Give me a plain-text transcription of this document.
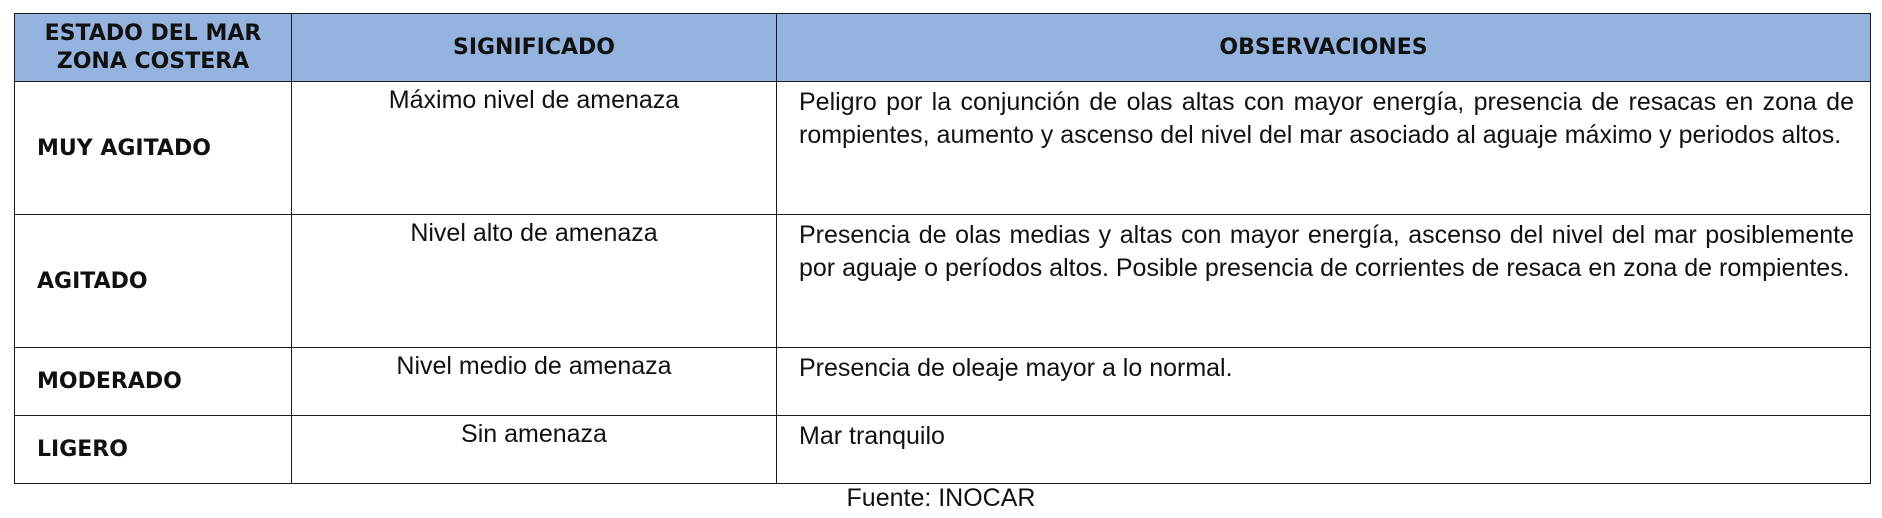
ESTADO DEL MAR ZONA COSTERA	SIGNIFICADO	OBSERVACIONES
MUY AGITADO	Máximo nivel de amenaza	Peligro por la conjunción de olas altas con mayor energía, presencia de resacas en zona de rompientes, aumento y ascenso del nivel del mar asociado al aguaje máximo y periodos altos.
AGITADO	Nivel alto de amenaza	Presencia de olas medias y altas con mayor energía, ascenso del nivel del mar posiblemente por aguaje o períodos altos. Posible presencia de corrientes de resaca en zona de rompientes.
MODERADO	Nivel medio de amenaza	Presencia de oleaje mayor a lo normal.
LIGERO	Sin amenaza	Mar tranquilo
Fuente: INOCAR
